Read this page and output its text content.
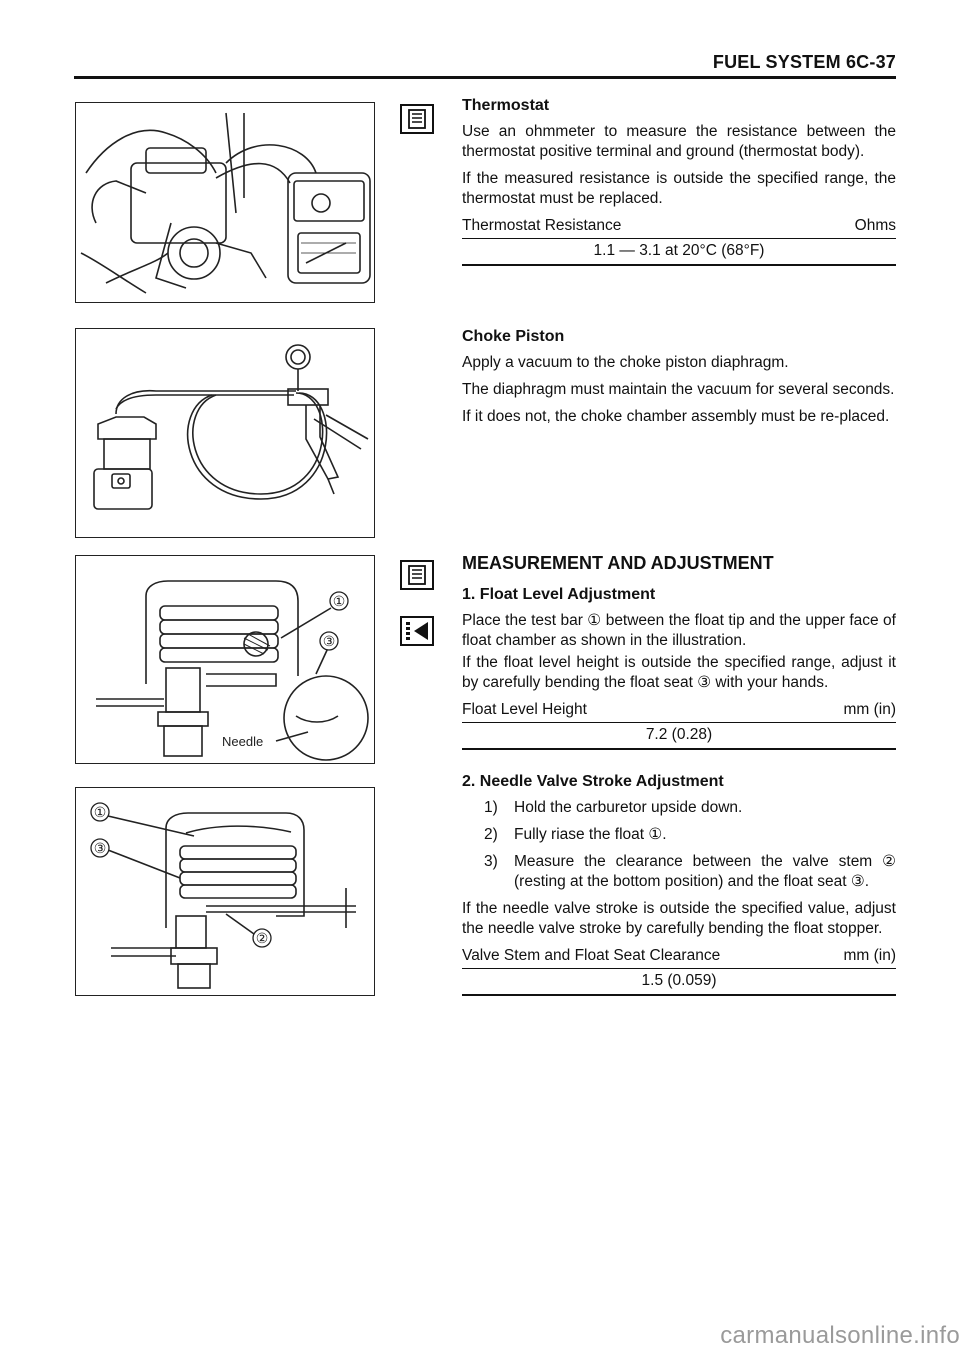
FUEL SYSTEM 6C-37
①
③
Needle
①
③
②
Thermostat

Use an ohmmeter to measure the resistance between the thermostat positive terminal and ground (thermostat body).

If the measured resistance is outside the specified range, the thermostat must be replaced.

Thermostat Resistance	Ohms
1.1 — 3.1 at 20°C (68°F)
Choke Piston

Apply a vacuum to the choke piston diaphragm.

The diaphragm must maintain the vacuum for several seconds.

If it does not, the choke chamber assembly must be re-placed.

MEASUREMENT AND ADJUSTMENT
1. Float Level Adjustment

Place the test bar ① between the float tip and the upper face of float chamber as shown in the illustration.

If the float level height is outside the specified range, adjust it by carefully bending the float seat ③ with your hands.

Float Level Height	mm (in)
7.2 (0.28)
2. Needle Valve Stroke Adjustment
1)	Hold the carburetor upside down.
2)	Fully riase the float ①.
3)	Measure the clearance between the valve stem ② (resting at the bottom position) and the float seat ③.

If the needle valve stroke is outside the specified value, adjust the needle valve stroke by carefully bending the float stopper.

Valve Stem and Float Seat Clearance	mm (in)
1.5 (0.059)
carmanualsonline.info
